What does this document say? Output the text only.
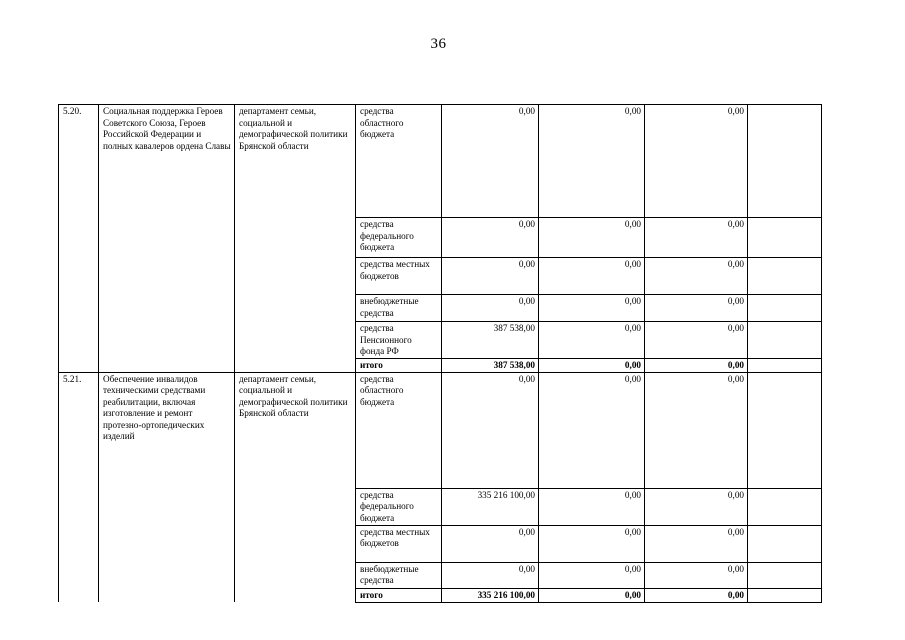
36
5.20.	Социальная поддержка Героев Советского Союза, Героев Российской Федерации и полных кавалеров ордена Славы	департамент семьи, социальной и демографической политики Брянской области	средства областного бюджета	0,00	0,00	0,00	
			средства федерального бюджета	0,00	0,00	0,00	
			средства местных бюджетов	0,00	0,00	0,00	
			внебюджетные средства	0,00	0,00	0,00	
			средства Пенсионного фонда РФ	387 538,00	0,00	0,00	
			итого	387 538,00	0,00	0,00	
5.21.	Обеспечение инвалидов техническими средствами реабилитации, включая изготовление и ремонт протезно-ортопедических изделий	департамент семьи, социальной и демографической политики Брянской области	средства областного бюджета	0,00	0,00	0,00	
			средства федерального бюджета	335 216 100,00	0,00	0,00	
			средства местных бюджетов	0,00	0,00	0,00	
			внебюджетные средства	0,00	0,00	0,00	
			итого	335 216 100,00	0,00	0,00	
